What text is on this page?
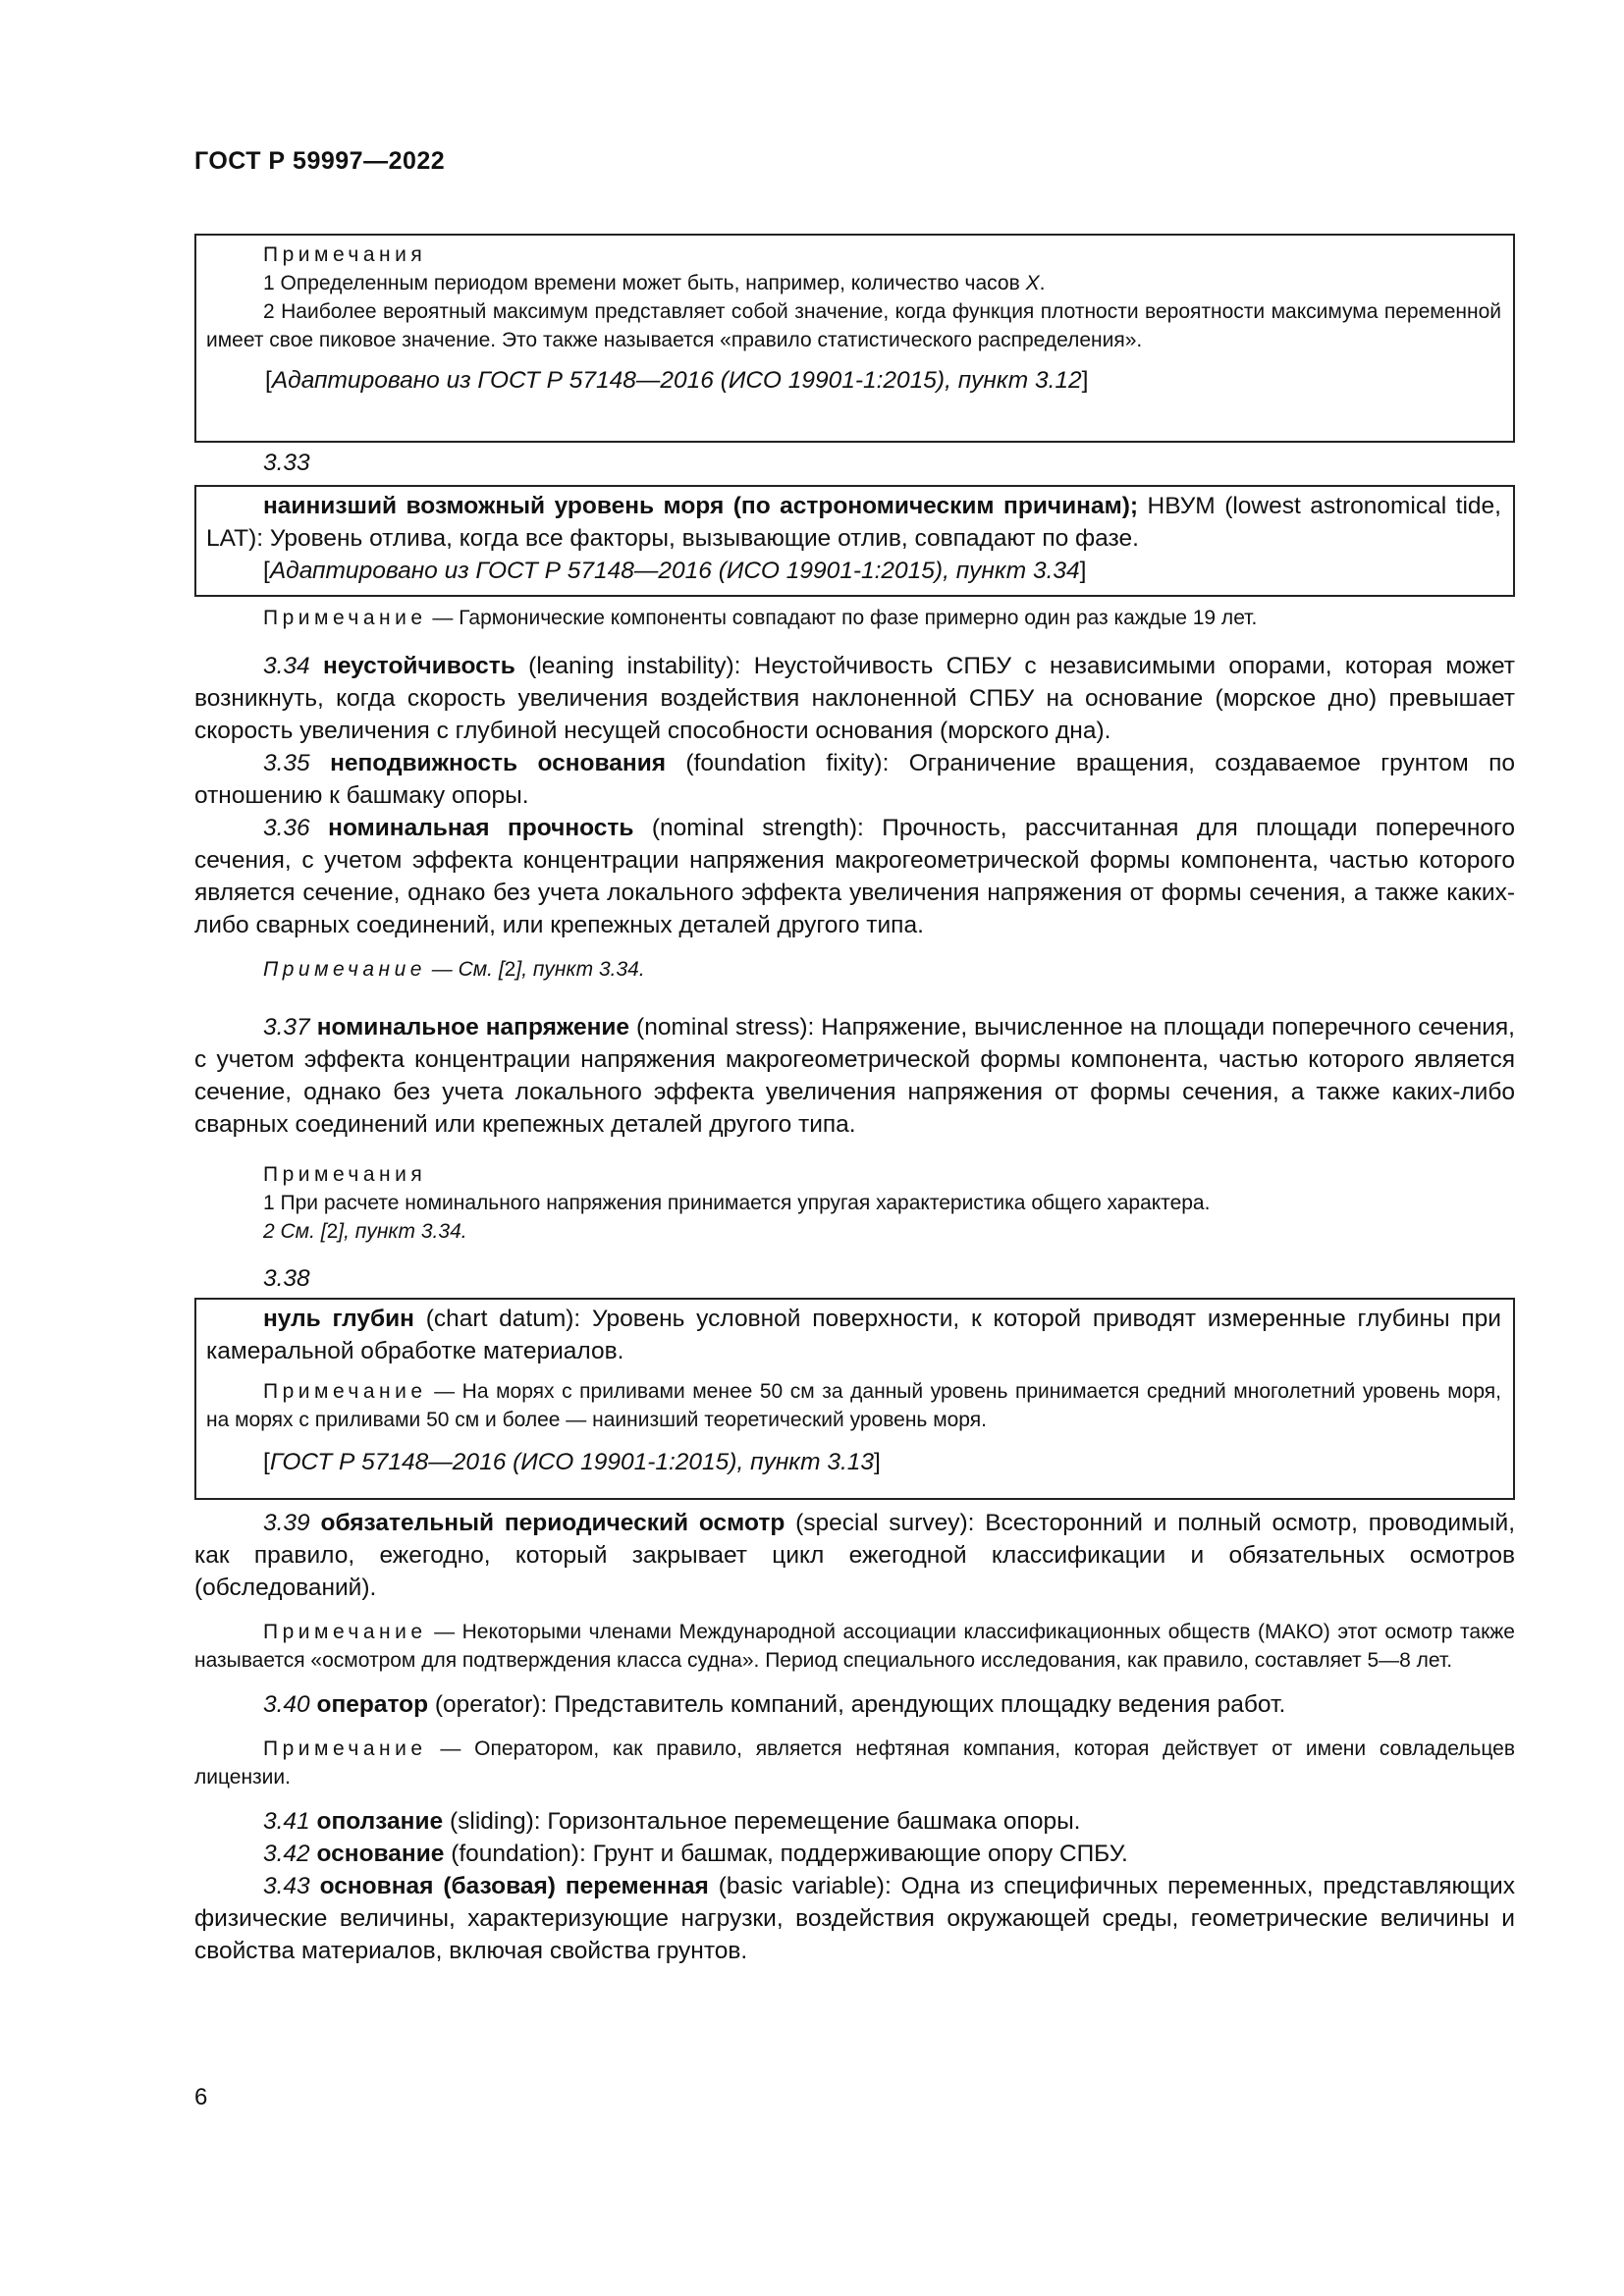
ГОСТ Р 59997—2022

Примечания

1 Определенным периодом времени может быть, например, количество часов X.

2 Наиболее вероятный максимум представляет собой значение, когда функция плотности вероятности максимума переменной имеет свое пиковое значение. Это также называется «правило статистического распределения».

[Адаптировано из ГОСТ Р 57148—2016 (ИСО 19901-1:2015), пункт 3.12]

3.33

наинизший возможный уровень моря (по астрономическим причинам); НВУМ (lowest astronomical tide, LAT): Уровень отлива, когда все факторы, вызывающие отлив, совпадают по фазе.

[Адаптировано из ГОСТ Р 57148—2016 (ИСО 19901-1:2015), пункт 3.34]

Примечание — Гармонические компоненты совпадают по фазе примерно один раз каждые 19 лет.

3.34 неустойчивость (leaning instability): Неустойчивость СПБУ с независимыми опорами, которая может возникнуть, когда скорость увеличения воздействия наклоненной СПБУ на основание (морское дно) превышает скорость увеличения с глубиной несущей способности основания (морского дна).

3.35 неподвижность основания (foundation fixity): Ограничение вращения, создаваемое грунтом по отношению к башмаку опоры.

3.36 номинальная прочность (nominal strength): Прочность, рассчитанная для площади поперечного сечения, с учетом эффекта концентрации напряжения макрогеометрической формы компонента, частью которого является сечение, однако без учета локального эффекта увеличения напряжения от формы сечения, а также каких-либо сварных соединений, или крепежных деталей другого типа.

Примечание — См. [2], пункт 3.34.

3.37 номинальное напряжение (nominal stress): Напряжение, вычисленное на площади поперечного сечения, с учетом эффекта концентрации напряжения макрогеометрической формы компонента, частью которого является сечение, однако без учета локального эффекта увеличения напряжения от формы сечения, а также каких-либо сварных соединений или крепежных деталей другого типа.

Примечания

1 При расчете номинального напряжения принимается упругая характеристика общего характера.

2 См. [2], пункт 3.34.

3.38

нуль глубин (chart datum): Уровень условной поверхности, к которой приводят измеренные глубины при камеральной обработке материалов.

Примечание — На морях с приливами менее 50 см за данный уровень принимается средний многолетний уровень моря, на морях с приливами 50 см и более — наинизший теоретический уровень моря.

[ГОСТ Р 57148—2016 (ИСО 19901-1:2015), пункт 3.13]

3.39 обязательный периодический осмотр (special survey): Всесторонний и полный осмотр, проводимый, как правило, ежегодно, который закрывает цикл ежегодной классификации и обязательных осмотров (обследований).

Примечание — Некоторыми членами Международной ассоциации классификационных обществ (МАКО) этот осмотр также называется «осмотром для подтверждения класса судна». Период специального исследования, как правило, составляет 5—8 лет.

3.40 оператор (operator): Представитель компаний, арендующих площадку ведения работ.

Примечание — Оператором, как правило, является нефтяная компания, которая действует от имени совладельцев лицензии.

3.41 оползание (sliding): Горизонтальное перемещение башмака опоры.

3.42 основание (foundation): Грунт и башмак, поддерживающие опору СПБУ.

3.43 основная (базовая) переменная (basic variable): Одна из специфичных переменных, представляющих физические величины, характеризующие нагрузки, воздействия окружающей среды, геометрические величины и свойства материалов, включая свойства грунтов.

6
